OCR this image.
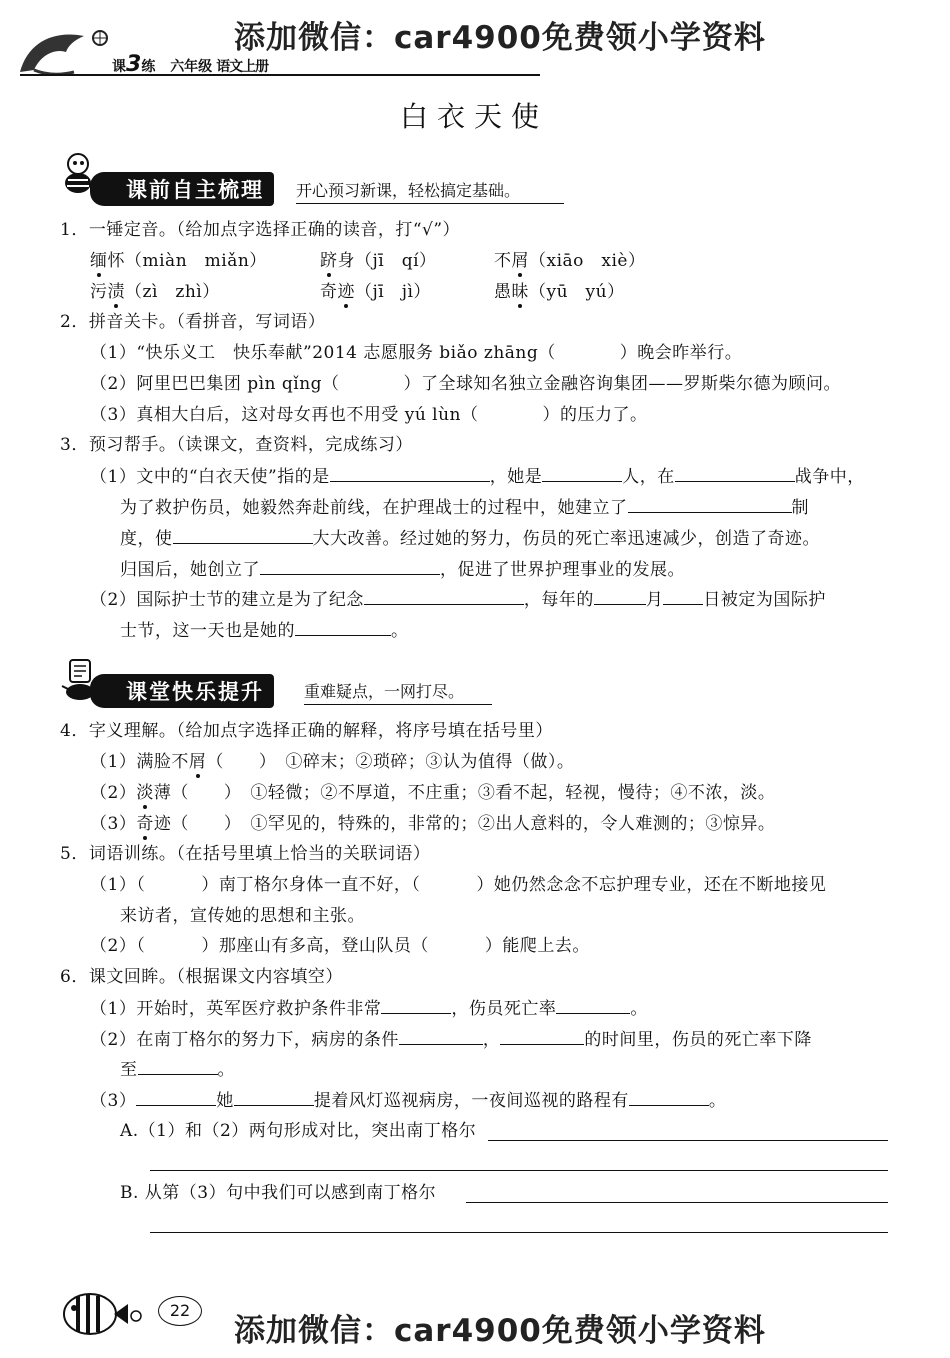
添加微信：car4900免费领小学资料
课3练 六年级 语文上册
白衣天使
课前自主梳理	开心预习新课，轻松搞定基础。
1．一锤定音。（给加点字选择正确的读音，打“√”）
缅怀（miàn　miǎn）	跻身（jī　qí）	不屑（xiāo　xiè）
污渍（zì　zhì）	奇迹（jī　jì）	愚昧（yū　yú）
2．拼音关卡。（看拼音，写词语）
（1）“快乐义工　快乐奉献”2014 志愿服务 biǎo zhāng（	）晚会昨举行。
（2）阿里巴巴集团 pìn qǐng（	）了全球知名独立金融咨询集团——罗斯柴尔德为顾问。
（3）真相大白后，这对母女再也不用受 yú lùn（	）的压力了。
3．预习帮手。（读课文，查资料，完成练习）
（1）文中的“白衣天使”指的是	，她是	人，在	战争中，
为了救护伤员，她毅然奔赴前线，在护理战士的过程中，她建立了	制
度，使	大大改善。经过她的努力，伤员的死亡率迅速减少，创造了奇迹。
归国后，她创立了	，促进了世界护理事业的发展。
（2）国际护士节的建立是为了纪念	，每年的	月 日被定为国际护
士节，这一天也是她的	。
课堂快乐提升	重难疑点，一网打尽。
4．字义理解。（给加点字选择正确的解释，将序号填在括号里）
（1）满脸不屑（　　）　①碎末；②琐碎；③认为值得（做）。
（2）淡薄（　　）　①轻微；②不厚道，不庄重；③看不起，轻视，慢待；④不浓，淡。
（3）奇迹（　　）　①罕见的，特殊的，非常的；②出人意料的，令人难测的；③惊异。
5．词语训练。（在括号里填上恰当的关联词语）
（1）（	）南丁格尔身体一直不好，（	）她仍然念念不忘护理专业，还在不断地接见
来访者，宣传她的思想和主张。
（2）（	）那座山有多高，登山队员（	）能爬上去。
6．课文回眸。（根据课文内容填空）
（1）开始时，英军医疗救护条件非常	，伤员死亡率	。
（2）在南丁格尔的努力下，病房的条件	，	的时间里，伤员的死亡率下降
至	。
（3）	她	提着风灯巡视病房，一夜间巡视的路程有	。
A.（1）和（2）两句形成对比，突出南丁格尔
B. 从第（3）句中我们可以感到南丁格尔
22
添加微信：car4900免费领小学资料
